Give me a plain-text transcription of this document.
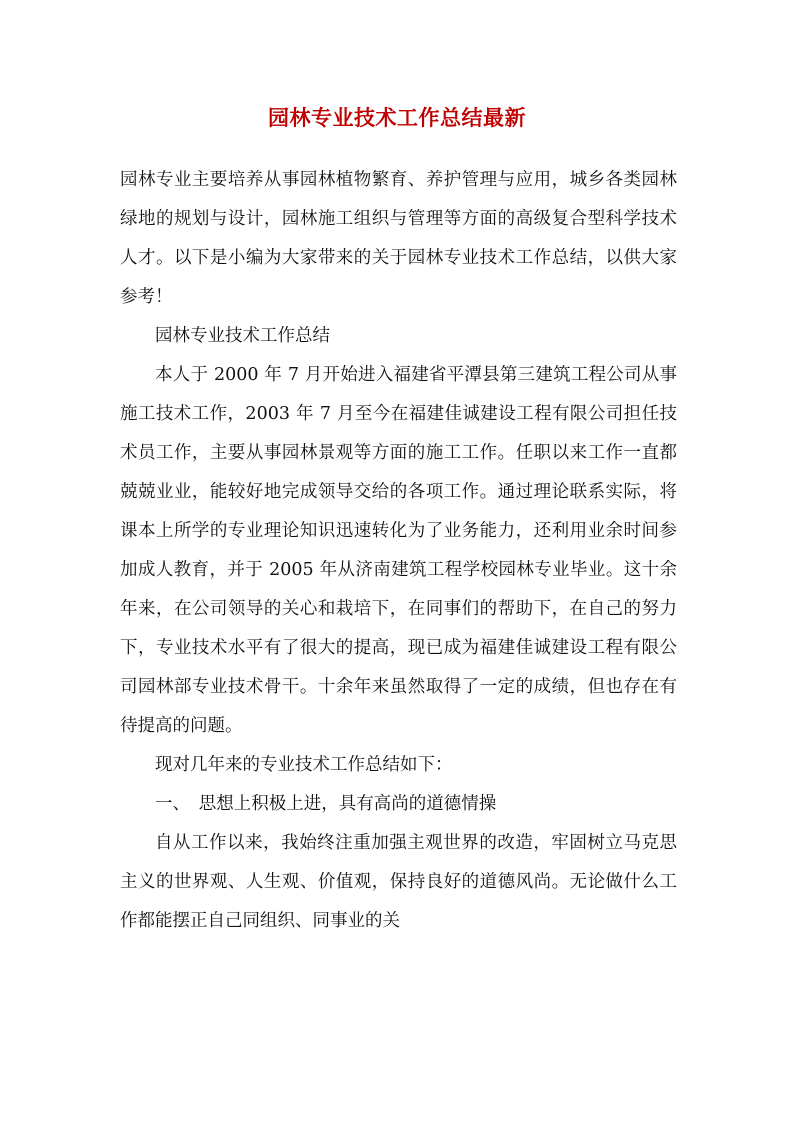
园林专业技术工作总结最新

园林专业主要培养从事园林植物繁育、养护管理与应用，城乡各类园林绿地的规划与设计，园林施工组织与管理等方面的高级复合型科学技术人才。以下是小编为大家带来的关于园林专业技术工作总结，以供大家参考！

园林专业技术工作总结

本人于 2000 年 7 月开始进入福建省平潭县第三建筑工程公司从事施工技术工作，2003 年 7 月至今在福建佳诚建设工程有限公司担任技术员工作，主要从事园林景观等方面的施工工作。任职以来工作一直都兢兢业业，能较好地完成领导交给的各项工作。通过理论联系实际，将课本上所学的专业理论知识迅速转化为了业务能力，还利用业余时间参加成人教育，并于 2005 年从济南建筑工程学校园林专业毕业。这十余年来，在公司领导的关心和栽培下，在同事们的帮助下，在自己的努力下，专业技术水平有了很大的提高，现已成为福建佳诚建设工程有限公司园林部专业技术骨干。十余年来虽然取得了一定的成绩，但也存在有待提高的问题。

现对几年来的专业技术工作总结如下：

一、　思想上积极上进，具有高尚的道德情操

自从工作以来，我始终注重加强主观世界的改造，牢固树立马克思主义的世界观、人生观、价值观，保持良好的道德风尚。无论做什么工作都能摆正自己同组织、同事业的关
